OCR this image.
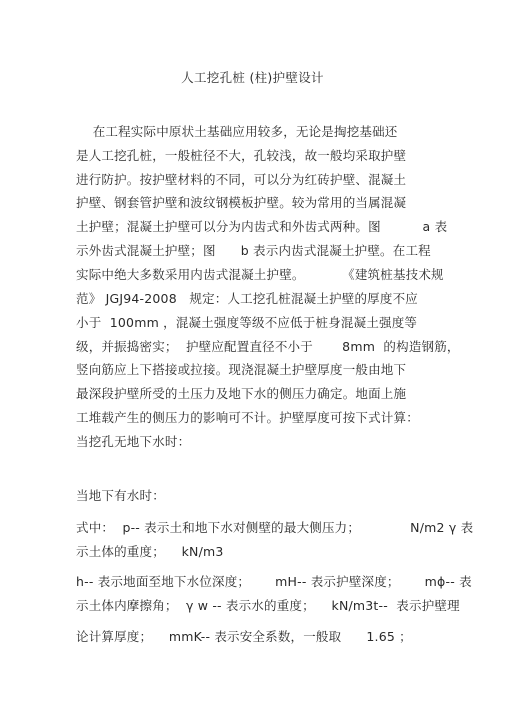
人工挖孔桩 (柱)护壁设计
在工程实际中原状土基础应用较多，无论是掏挖基础还
是人工挖孔桩，一般桩径不大，孔较浅，故一般均采取护壁
进行防护。按护壁材料的不同，可以分为红砖护壁、混凝土
护壁、钢套管护壁和波纹钢模板护壁。较为常用的当属混凝
土护壁；混凝土护壁可以分为内齿式和外齿式两种。图          a 表
示外齿式混凝土护壁；图      b 表示内齿式混凝土护壁。在工程
实际中绝大多数采用内齿式混凝土护壁。         《建筑桩基技术规
范》 JGJ94-2008   规定：人工挖孔桩混凝土护壁的厚度不应
小于  100mm ，混凝土强度等级不应低于桩身混凝土强度等
级，并振捣密实；  护壁应配置直径不小于       8mm  的构造钢筋，
竖向筋应上下搭接或拉接。现浇混凝土护壁厚度一般由地下
最深段护壁所受的土压力及地下水的侧压力确定。地面上施
工堆载产生的侧压力的影响可不计。护壁厚度可按下式计算：
当挖孔无地下水时：
当地下有水时：
式中：  p-- 表示土和地下水对侧壁的最大侧压力；            N/m2 γ 表
示土体的重度；    kN/m3
h-- 表示地面至地下水位深度；      mH-- 表示护壁深度；      mϕ-- 表
示土体内摩擦角；  γ w -- 表示水的重度；    kN/m3t--  表示护壁理
论计算厚度；    mmK-- 表示安全系数，一般取      1.65 ；
